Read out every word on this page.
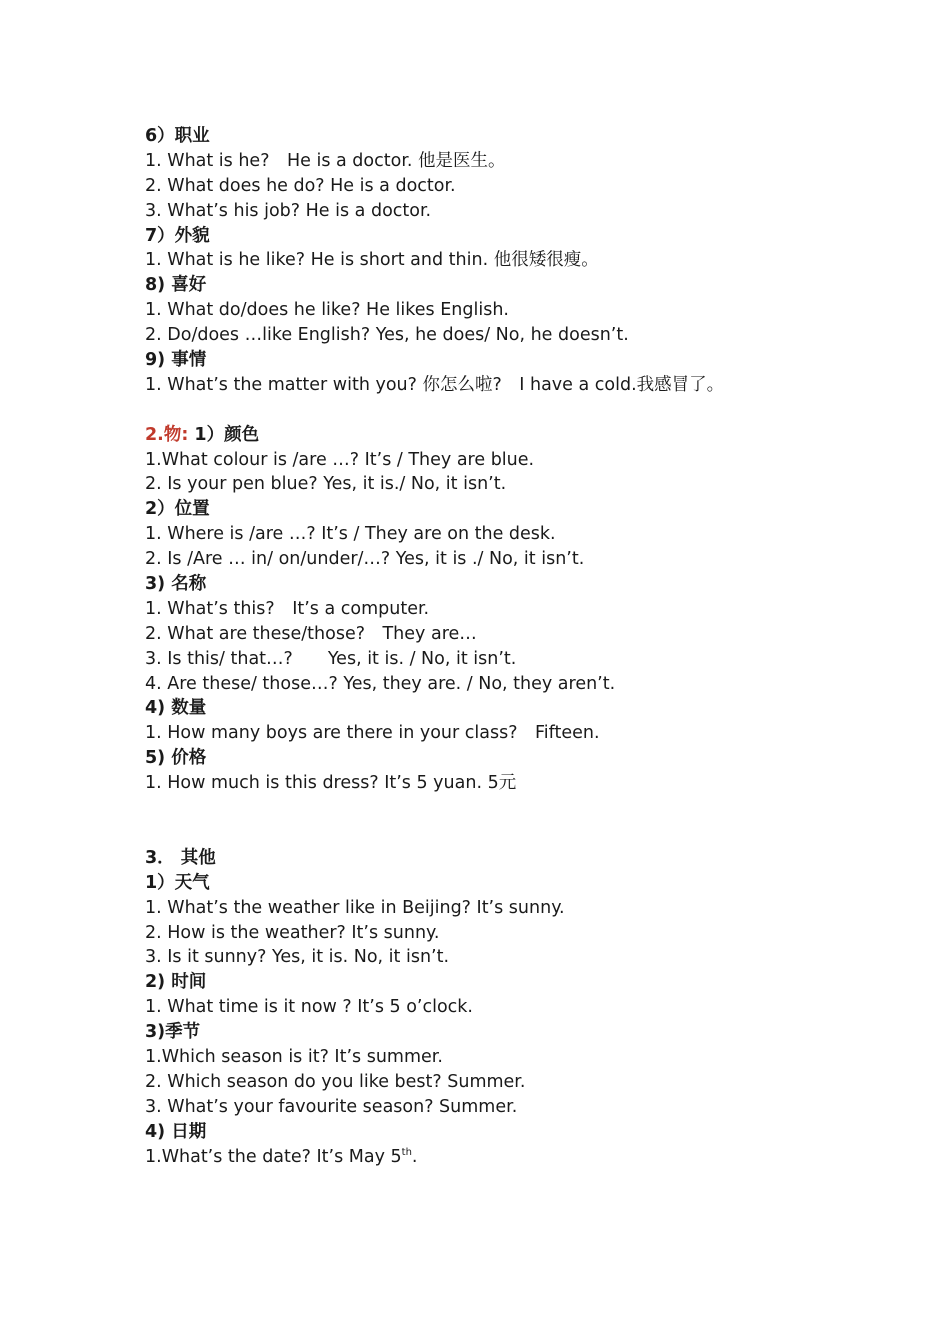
6）职业
1. What is he?　He is a doctor. 他是医生。
2. What does he do? He is a doctor.
3. What’s his job? He is a doctor.
7）外貌
1. What is he like? He is short and thin. 他很矮很瘦。
8) 喜好
1. What do/does he like? He likes English.
2. Do/does …like English? Yes, he does/ No, he doesn’t.
9) 事情
1. What’s the matter with you? 你怎么啦?　I have a cold.我感冒了。
2.物: 1）颜色
1.What colour is /are …? It’s / They are blue.
2. Is your pen blue? Yes, it is./ No, it isn’t.
2）位置
1. Where is /are …? It’s / They are on the desk.
2. Is /Are … in/ on/under/…? Yes, it is ./ No, it isn’t.
3) 名称
1. What’s this?　It’s a computer.
2. What are these/those?　They are…
3. Is this/ that…?　　Yes, it is. / No, it isn’t.
4. Are these/ those…? Yes, they are. / No, they aren’t.
4) 数量
1. How many boys are there in your class?　Fifteen.
5) 价格
1. How much is this dress? It’s 5 yuan. 5元
3． 其他
1）天气
1. What’s the weather like in Beijing? It’s sunny.
2. How is the weather? It’s sunny.
3. Is it sunny? Yes, it is. No, it isn’t.
2) 时间
1. What time is it now ? It’s 5 o’clock.
3)季节
1.Which season is it? It’s summer.
2. Which season do you like best? Summer.
3. What’s your favourite season? Summer.
4) 日期
1.What’s the date? It’s May 5th.
